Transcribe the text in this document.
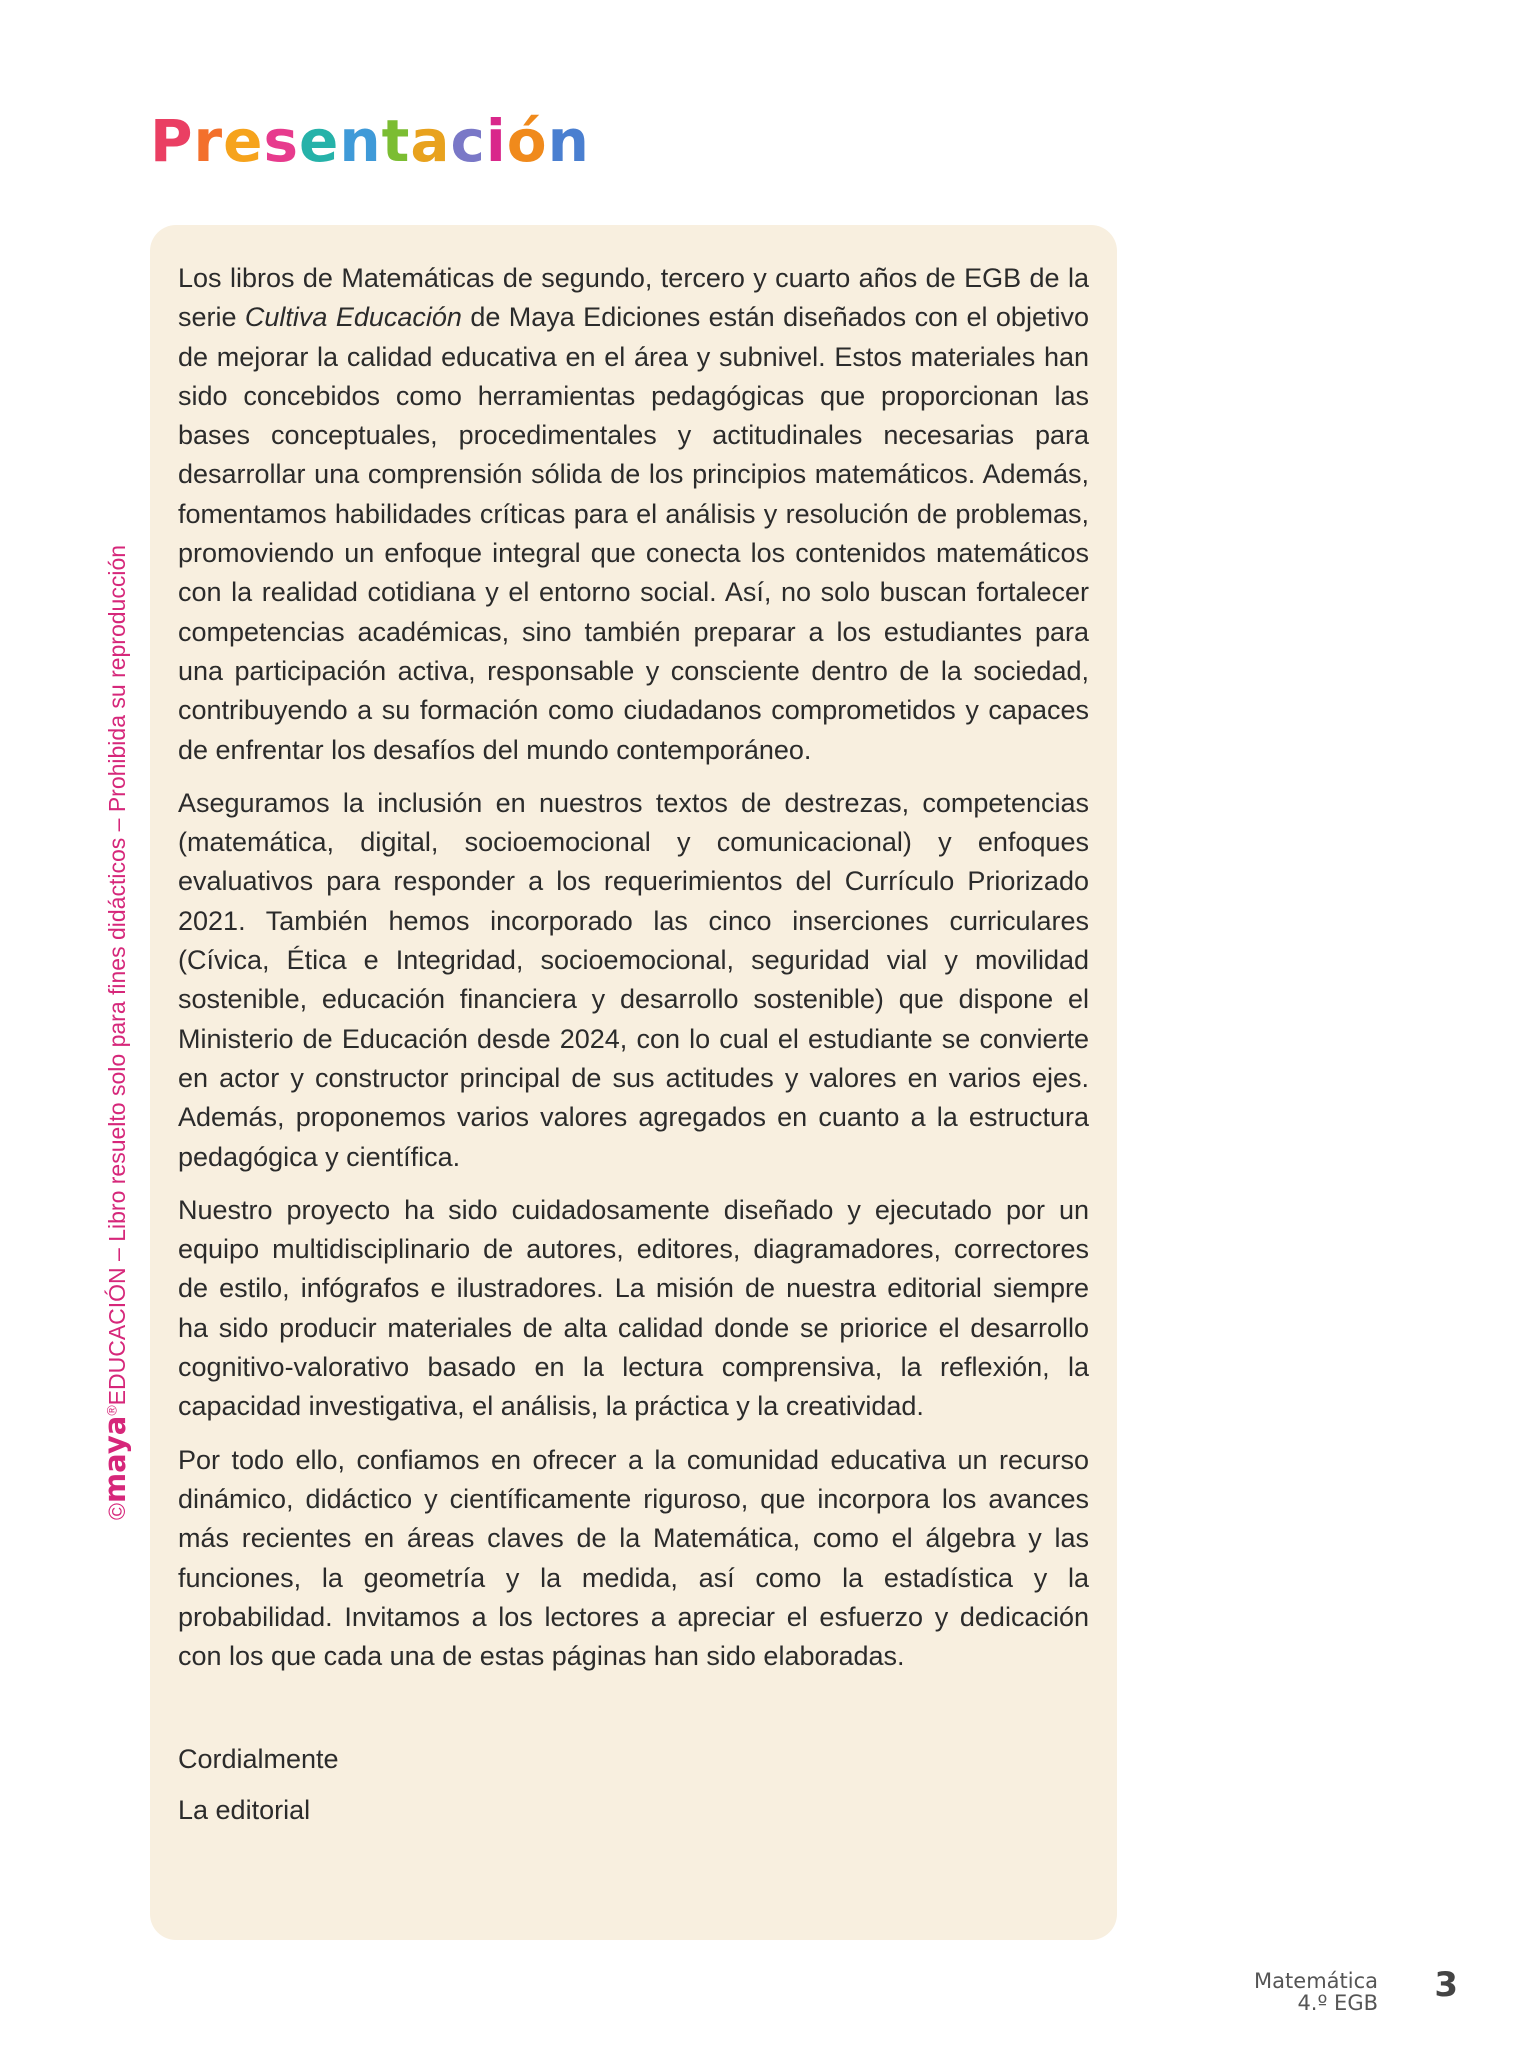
Presentación

Los libros de Matemáticas de segundo, tercero y cuarto años de EGB de la serie Cultiva Educación de Maya Ediciones están diseñados con el objetivo de mejorar la calidad educativa en el área y subnivel. Estos materiales han sido concebidos como herramientas pedagógicas que proporcionan las bases conceptuales, procedimentales y actitudinales necesarias para desarrollar una comprensión sólida de los principios matemáticos. Además, fomentamos habilidades críticas para el análisis y resolución de problemas, promoviendo un enfoque integral que conecta los contenidos matemáticos con la realidad cotidiana y el entorno social. Así, no solo buscan fortalecer competencias académicas, sino también preparar a los estudiantes para una participación activa, responsable y consciente dentro de la sociedad, contribuyendo a su formación como ciudadanos comprometidos y capaces de enfrentar los desafíos del mundo contemporáneo.

Aseguramos la inclusión en nuestros textos de destrezas, competencias (matemática, digital, socioemocional y comunicacional) y enfoques evaluativos para responder a los requerimientos del Currículo Priorizado 2021. También hemos incorporado las cinco inserciones curriculares (Cívica, Ética e Integridad, socioemocional, seguridad vial y movilidad sostenible, educación financiera y desarrollo sostenible) que dispone el Ministerio de Educación desde 2024, con lo cual el estudiante se convierte en actor y constructor principal de sus actitudes y valores en varios ejes. Además, proponemos varios valores agregados en cuanto a la estructura pedagógica y científica.

Nuestro proyecto ha sido cuidadosamente diseñado y ejecutado por un equipo multidisciplinario de autores, editores, diagramadores, correctores de estilo, infógrafos e ilustradores. La misión de nuestra editorial siempre ha sido producir materiales de alta calidad donde se priorice el desarrollo cognitivo-valorativo basado en la lectura comprensiva, la reflexión, la capacidad investigativa, el análisis, la práctica y la creatividad.

Por todo ello, confiamos en ofrecer a la comunidad educativa un recurso dinámico, didáctico y científicamente riguroso, que incorpora los avances más recientes en áreas claves de la Matemática, como el álgebra y las funciones, la geometría y la medida, así como la estadística y la probabilidad. Invitamos a los lectores a apreciar el esfuerzo y dedicación con los que cada una de estas páginas han sido elaboradas.

Cordialmente

La editorial

©maya®EDUCACIÓN – Libro resuelto solo para fines didácticos – Prohibida su reproducción
Matemática
4.º EGB 3
